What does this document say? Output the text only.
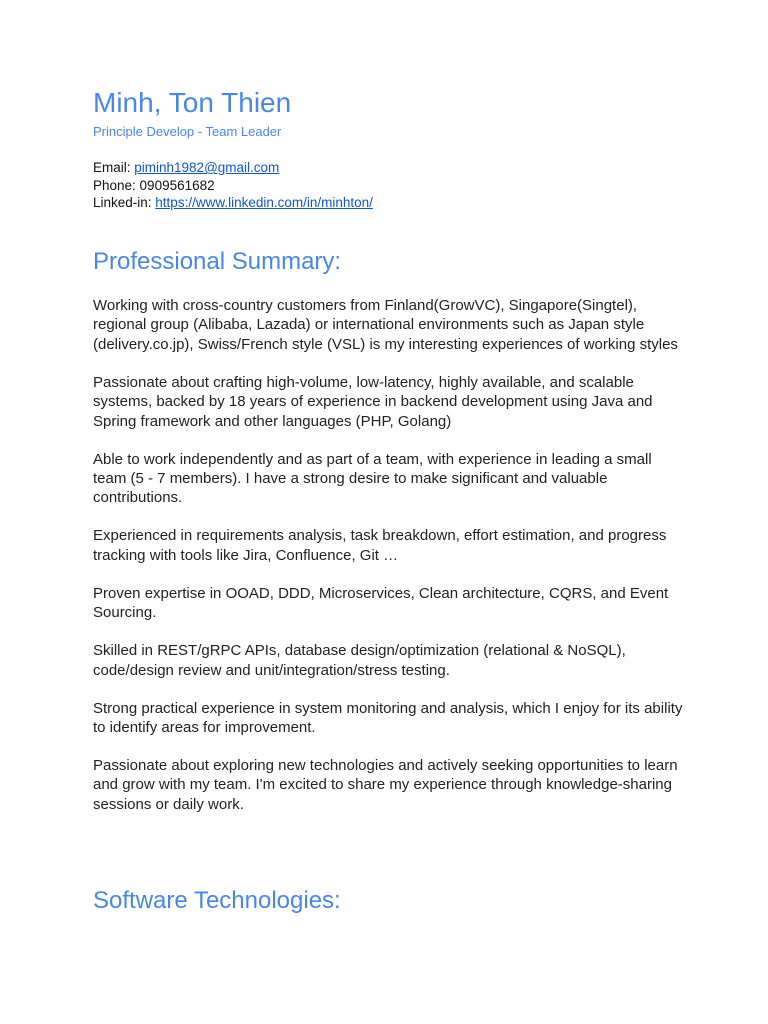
Minh, Ton Thien
Principle Develop - Team Leader
Email: piminh1982@gmail.com
Phone: 0909561682
Linked-in: https://www.linkedin.com/in/minhton/
Professional Summary:

Working with cross-country customers from Finland(GrowVC), Singapore(Singtel), regional group (Alibaba, Lazada) or international environments such as Japan style (delivery.co.jp), Swiss/French style (VSL) is my interesting experiences of working styles

Passionate about crafting high-volume, low-latency, highly available, and scalable systems, backed by 18 years of experience in backend development using Java and Spring framework and other languages (PHP, Golang)

Able to work independently and as part of a team, with experience in leading a small team (5 - 7 members). I have a strong desire to make significant and valuable contributions.

Experienced in requirements analysis, task breakdown, effort estimation, and progress tracking with tools like Jira, Confluence, Git …

Proven expertise in OOAD, DDD, Microservices, Clean architecture, CQRS, and Event Sourcing.

Skilled in REST/gRPC APIs, database design/optimization (relational & NoSQL), code/design review and unit/integration/stress testing.

Strong practical experience in system monitoring and analysis, which I enjoy for its ability to identify areas for improvement.

Passionate about exploring new technologies and actively seeking opportunities to learn and grow with my team. I'm excited to share my experience through knowledge-sharing sessions or daily work.

Software Technologies:
